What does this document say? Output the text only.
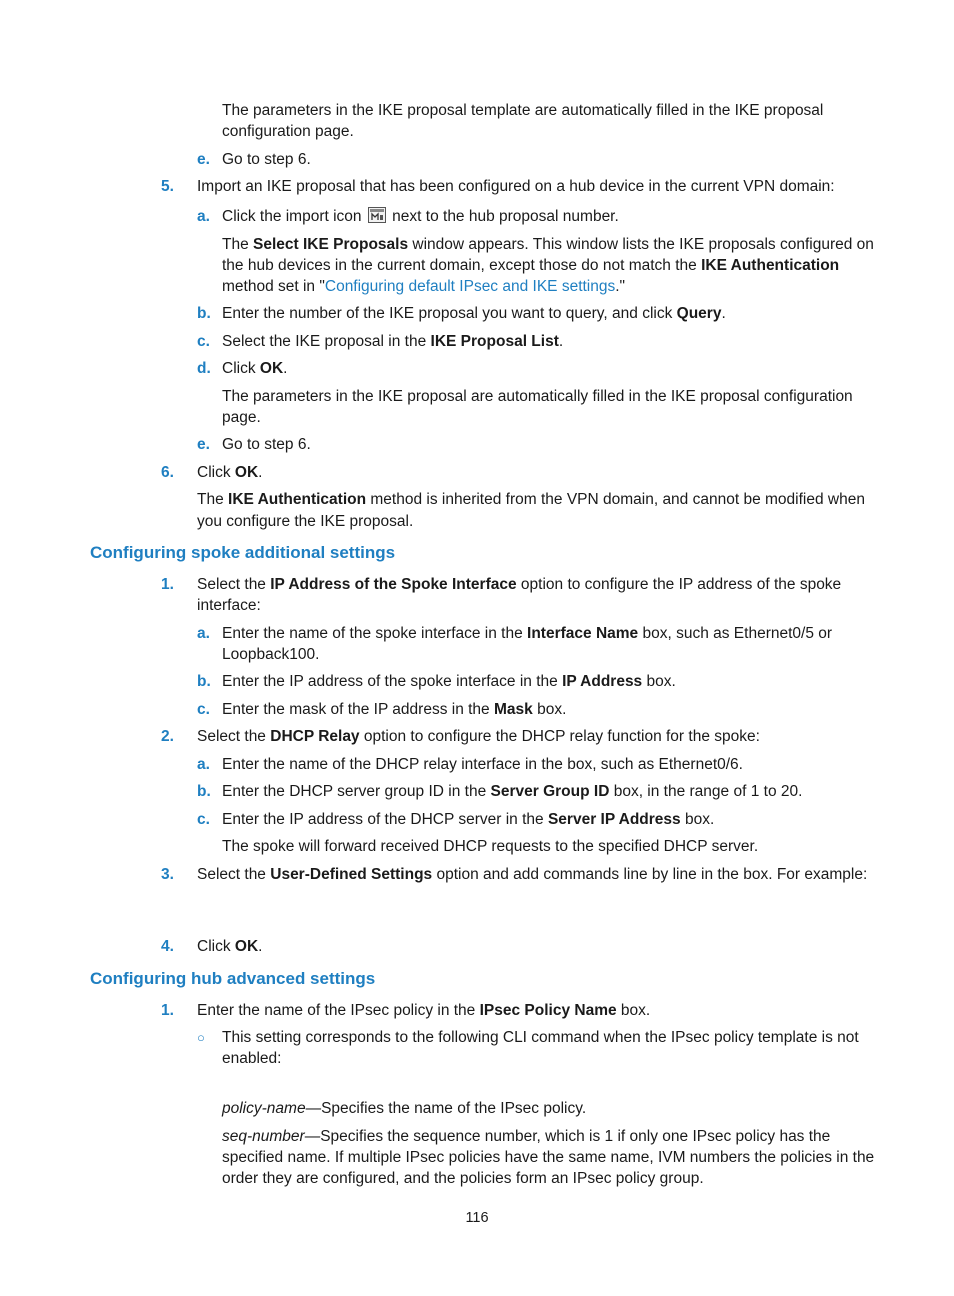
The parameters in the IKE proposal template are automatically filled in the IKE proposal
configuration page.
e. Go to step 6.
5. Import an IKE proposal that has been configured on a hub device in the current VPN domain:
a. Click the import icon next to the hub proposal number.
The Select IKE Proposals window appears. This window lists the IKE proposals configured on
the hub devices in the current domain, except those do not match the IKE Authentication
method set in "Configuring default IPsec and IKE settings."
b. Enter the number of the IKE proposal you want to query, and click Query.
c. Select the IKE proposal in the IKE Proposal List.
d. Click OK.
The parameters in the IKE proposal are automatically filled in the IKE proposal configuration
page.
e. Go to step 6.
6. Click OK.
The IKE Authentication method is inherited from the VPN domain, and cannot be modified when
you configure the IKE proposal.
Configuring spoke additional settings
1. Select the IP Address of the Spoke Interface option to configure the IP address of the spoke
interface:
a. Enter the name of the spoke interface in the Interface Name box, such as Ethernet0/5 or
Loopback100.
b. Enter the IP address of the spoke interface in the IP Address box.
c. Enter the mask of the IP address in the Mask box.
2. Select the DHCP Relay option to configure the DHCP relay function for the spoke:
a. Enter the name of the DHCP relay interface in the box, such as Ethernet0/6.
b. Enter the DHCP server group ID in the Server Group ID box, in the range of 1 to 20.
c. Enter the IP address of the DHCP server in the Server IP Address box.
The spoke will forward received DHCP requests to the specified DHCP server.
3. Select the User-Defined Settings option and add commands line by line in the box. For example:
4. Click OK.
Configuring hub advanced settings
1. Enter the name of the IPsec policy in the IPsec Policy Name box.
○ This setting corresponds to the following CLI command when the IPsec policy template is not
enabled:
policy-name—Specifies the name of the IPsec policy.
seq-number—Specifies the sequence number, which is 1 if only one IPsec policy has the
specified name. If multiple IPsec policies have the same name, IVM numbers the policies in the
order they are configured, and the policies form an IPsec policy group.
116
